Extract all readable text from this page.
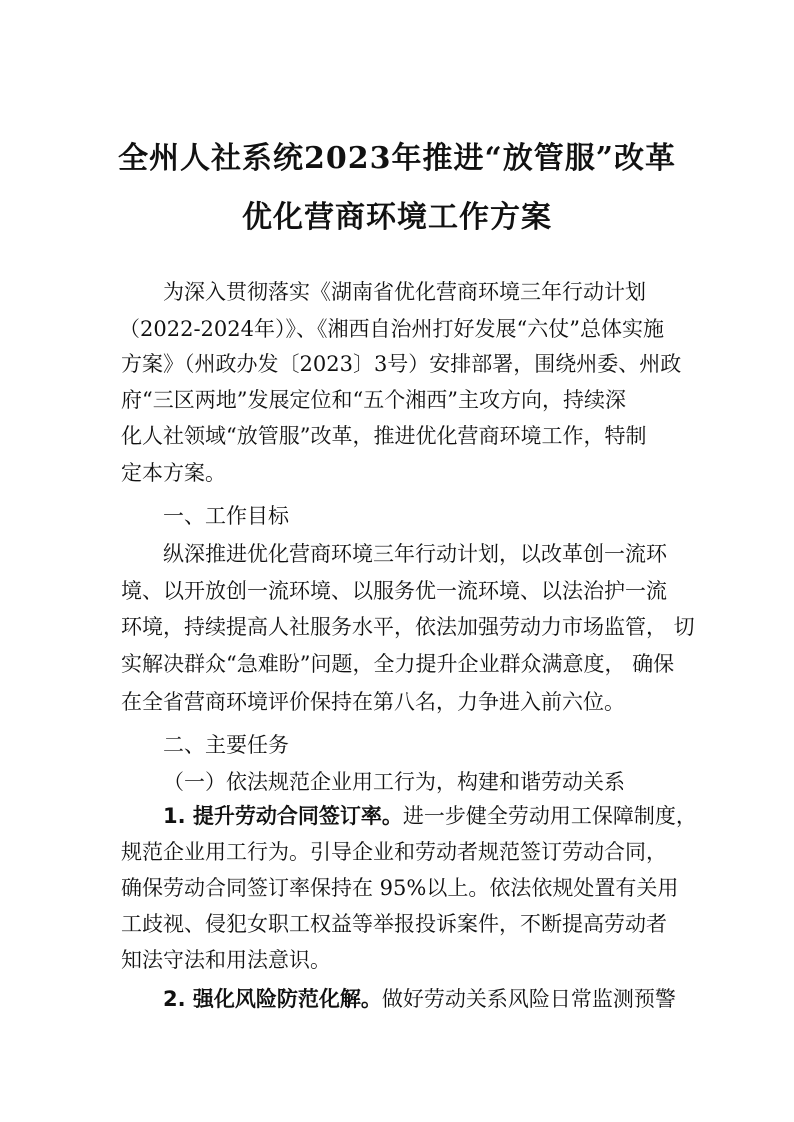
全州人社系统2023年推进“放管服”改革
优化营商环境工作方案
为深入贯彻落实《湖南省优化营商环境三年行动计划
（2022-2024年）》、《湘西自治州打好发展“六仗”总体实施
方案》（州政办发〔2023〕3号）安排部署，围绕州委、州政
府“三区两地”发展定位和“五个湘西”主攻方向，持续深
化人社领域“放管服”改革，推进优化营商环境工作，特制
定本方案。
一、工作目标
纵深推进优化营商环境三年行动计划，以改革创一流环
境、以开放创一流环境、以服务优一流环境、以法治护一流
环境，持续提高人社服务水平，依法加强劳动力市场监管， 切
实解决群众“急难盼”问题，全力提升企业群众满意度， 确保
在全省营商环境评价保持在第八名，力争进入前六位。
二、主要任务
（一）依法规范企业用工行为，构建和谐劳动关系
1. 提升劳动合同签订率。进一步健全劳动用工保障制度，
规范企业用工行为。引导企业和劳动者规范签订劳动合同，
确保劳动合同签订率保持在 95%以上。依法依规处置有关用
工歧视、侵犯女职工权益等举报投诉案件，不断提高劳动者
知法守法和用法意识。
2. 强化风险防范化解。做好劳动关系风险日常监测预警
